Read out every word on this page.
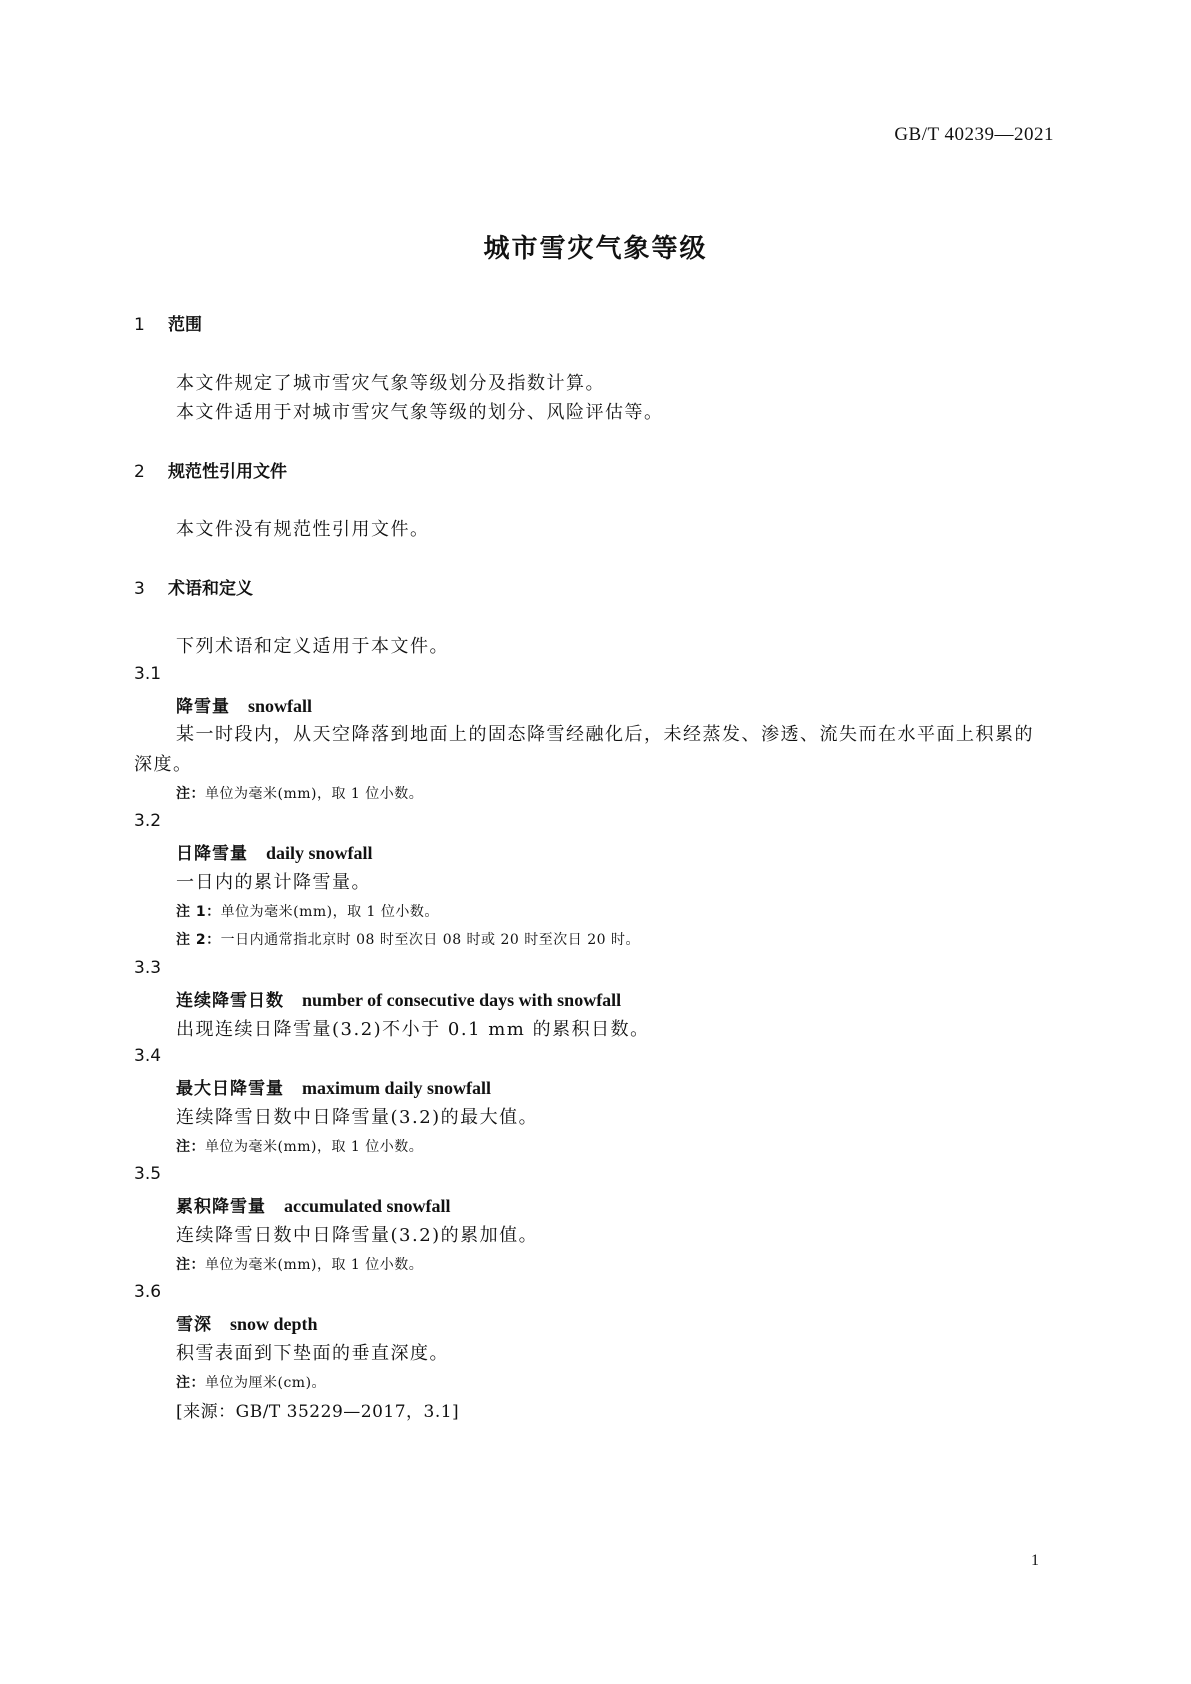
GB/T 40239—2021
城市雪灾气象等级
1 范围
本文件规定了城市雪灾气象等级划分及指数计算。
本文件适用于对城市雪灾气象等级的划分、风险评估等。
2 规范性引用文件
本文件没有规范性引用文件。
3 术语和定义
下列术语和定义适用于本文件。
3.1
降雪量 snowfall
某一时段内，从天空降落到地面上的固态降雪经融化后，未经蒸发、渗透、流失而在水平面上积累的
深度。
注：单位为毫米(mm)，取 1 位小数。
3.2
日降雪量 daily snowfall
一日内的累计降雪量。
注 1：单位为毫米(mm)，取 1 位小数。
注 2：一日内通常指北京时 08 时至次日 08 时或 20 时至次日 20 时。
3.3
连续降雪日数 number of consecutive days with snowfall
出现连续日降雪量(3.2)不小于 0.1 mm 的累积日数。
3.4
最大日降雪量 maximum daily snowfall
连续降雪日数中日降雪量(3.2)的最大值。
注：单位为毫米(mm)，取 1 位小数。
3.5
累积降雪量 accumulated snowfall
连续降雪日数中日降雪量(3.2)的累加值。
注：单位为毫米(mm)，取 1 位小数。
3.6
雪深 snow depth
积雪表面到下垫面的垂直深度。
注：单位为厘米(cm)。
[来源：GB/T 35229—2017，3.1]
1
